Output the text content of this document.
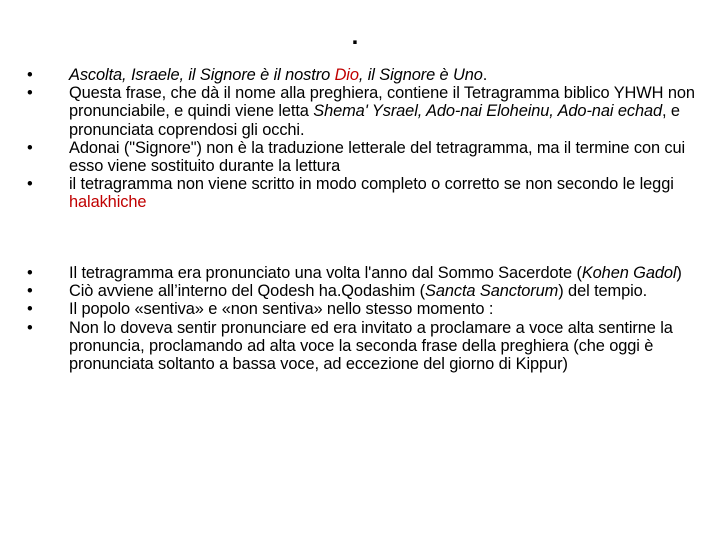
.
• Ascolta, Israele, il Signore è il nostro Dio, il Signore è Uno.
• Questa frase, che dà il nome alla preghiera, contiene il Tetragramma biblico YHWH non pronunciabile, e quindi viene letta Shema' Ysrael, Ado-nai Eloheinu, Ado-nai echad, e pronunciata coprendosi gli occhi.
• Adonai ("Signore") non è la traduzione letterale del tetragramma, ma il termine con cui esso viene sostituito durante la lettura
• il tetragramma non viene scritto in modo completo o corretto se non secondo le leggi halakhiche
• Il tetragramma era pronunciato una volta l'anno dal Sommo Sacerdote (Kohen Gadol)
• Ciò avviene all’interno del Qodesh ha.Qodashim (Sancta Sanctorum) del tempio.
• Il popolo «sentiva» e «non sentiva» nello stesso momento :
• Non lo doveva sentir pronunciare ed era invitato a proclamare a voce alta sentirne la pronuncia, proclamando ad alta voce la seconda frase della preghiera (che oggi è pronunciata soltanto a bassa voce, ad eccezione del giorno di Kippur)
